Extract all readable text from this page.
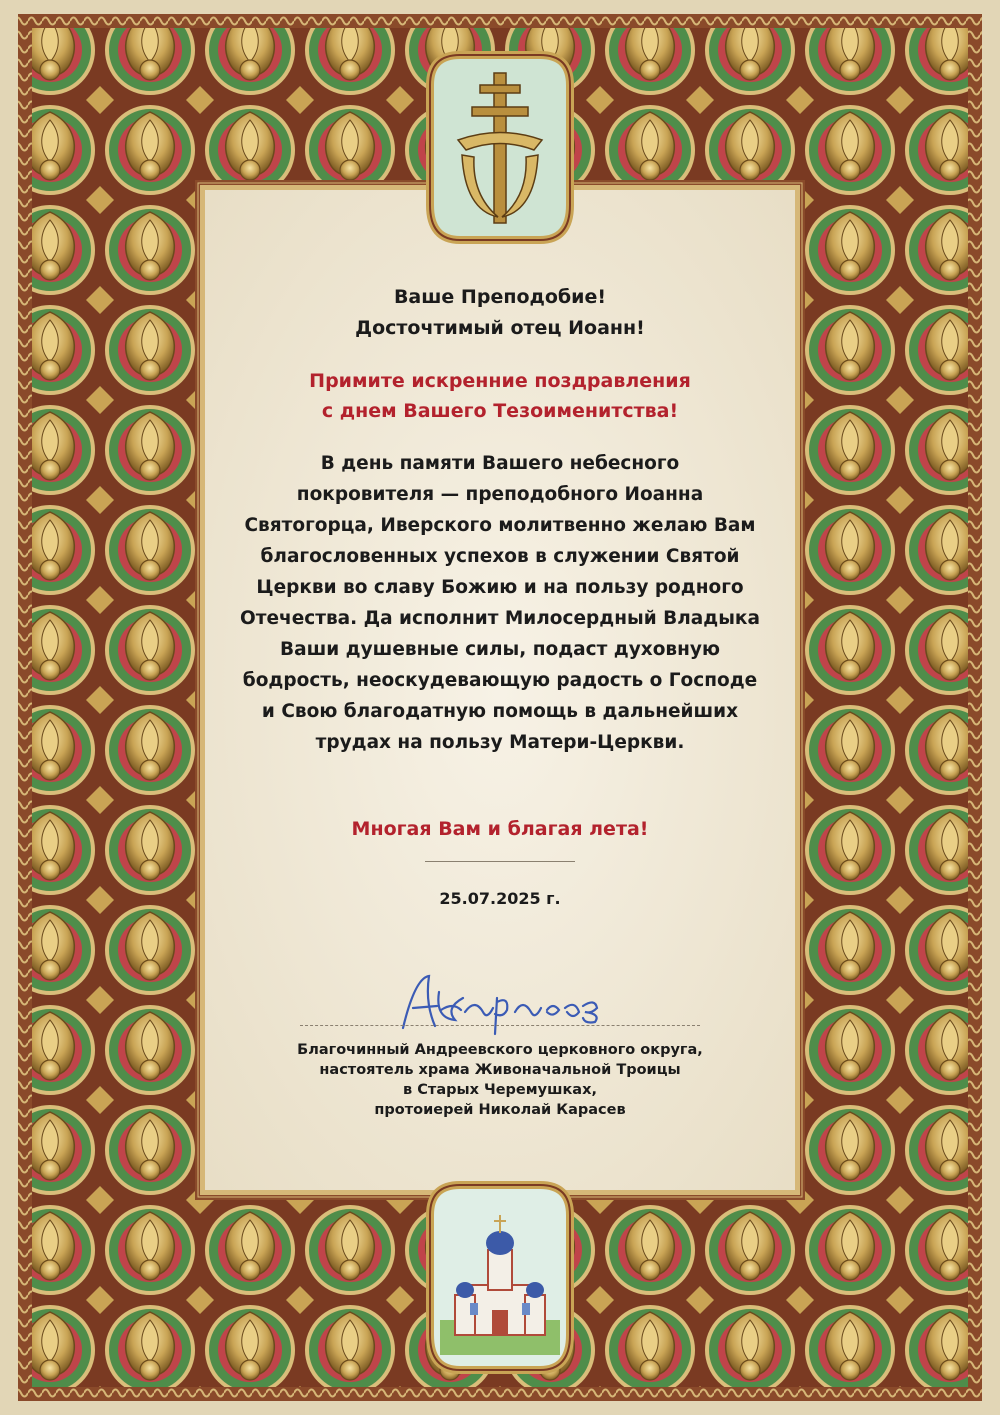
Ваше Преподобие!
Досточтимый отец Иоанн!
Примите искренние поздравления
с днем Вашего Тезоименитства!
В день памяти Вашего небесного
покровителя — преподобного Иоанна
Святогорца, Иверского молитвенно желаю Вам
благословенных успехов в служении Святой
Церкви во славу Божию и на пользу родного
Отечества. Да исполнит Милосердный Владыка
Ваши душевные силы, подаст духовную
бодрость, неоскудевающую радость о Господе
и Свою благодатную помощь в дальнейших
трудах на пользу Матери-Церкви.
Многая Вам и благая лета!
25.07.2025 г.
Благочинный Андреевского церковного округа,
настоятель храма Живоначальной Троицы
в Старых Черемушках,
протоиерей Николай Карасев
